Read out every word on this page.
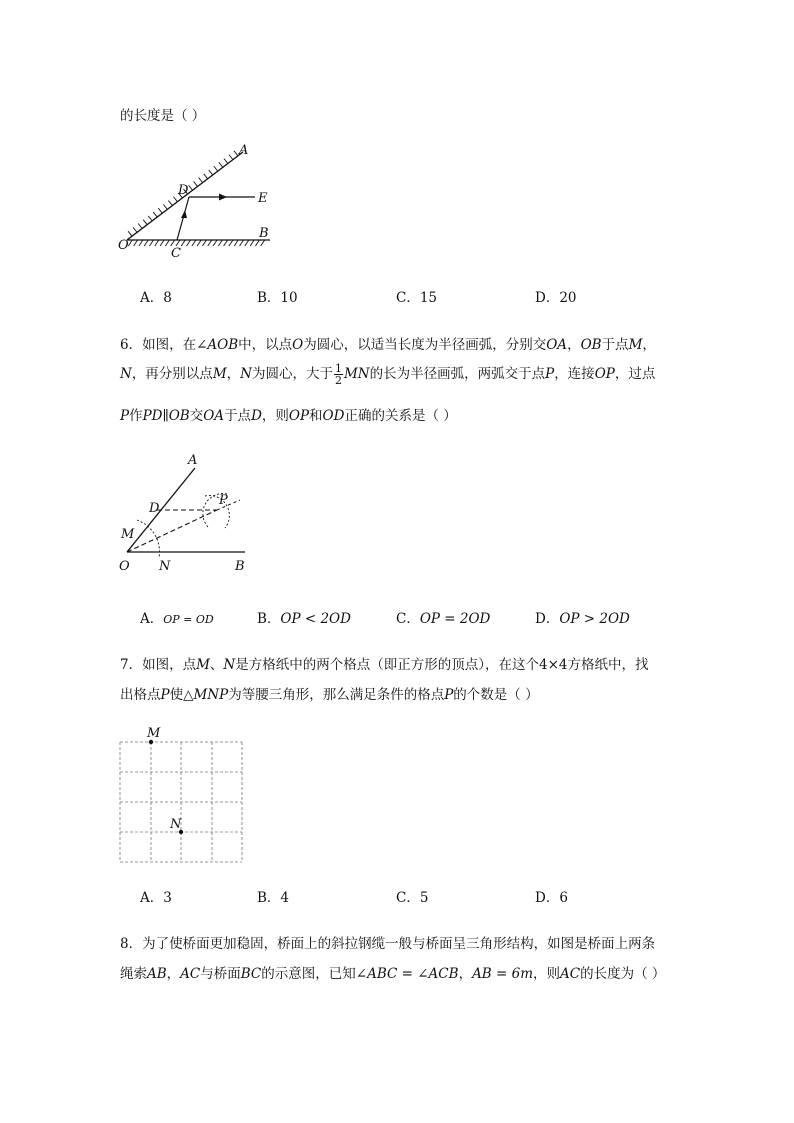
的长度是（ ）
A
B
C
D
E
O
A．8	B．10	C．15	D．20
6．如图，在∠AOB中，以点O为圆心，以适当长度为半径画弧，分别交OA，OB于点M，
N，再分别以点M，N为圆心，大于 $\frac{1}{2}$ MN的长为半径画弧，两弧交于点P，连接OP，过点
P作PD∥OB交OA于点D，则OP和OD正确的关系是（ ）
A
D
P
M
O N	B
A．OP = OD	B．OP < 2OD	C．OP = 2OD	D．OP > 2OD
7．如图，点M、N是方格纸中的两个格点（即正方形的顶点），在这个4×4方格纸中，找
出格点P使△MNP为等腰三角形，那么满足条件的格点P的个数是（ ）
M
N
A．3	B．4	C．5	D．6
8．为了使桥面更加稳固，桥面上的斜拉钢缆一般与桥面呈三角形结构，如图是桥面上两条
绳索AB，AC与桥面BC的示意图，已知∠ABC = ∠ACB，AB = 6m，则AC的长度为（ ）
